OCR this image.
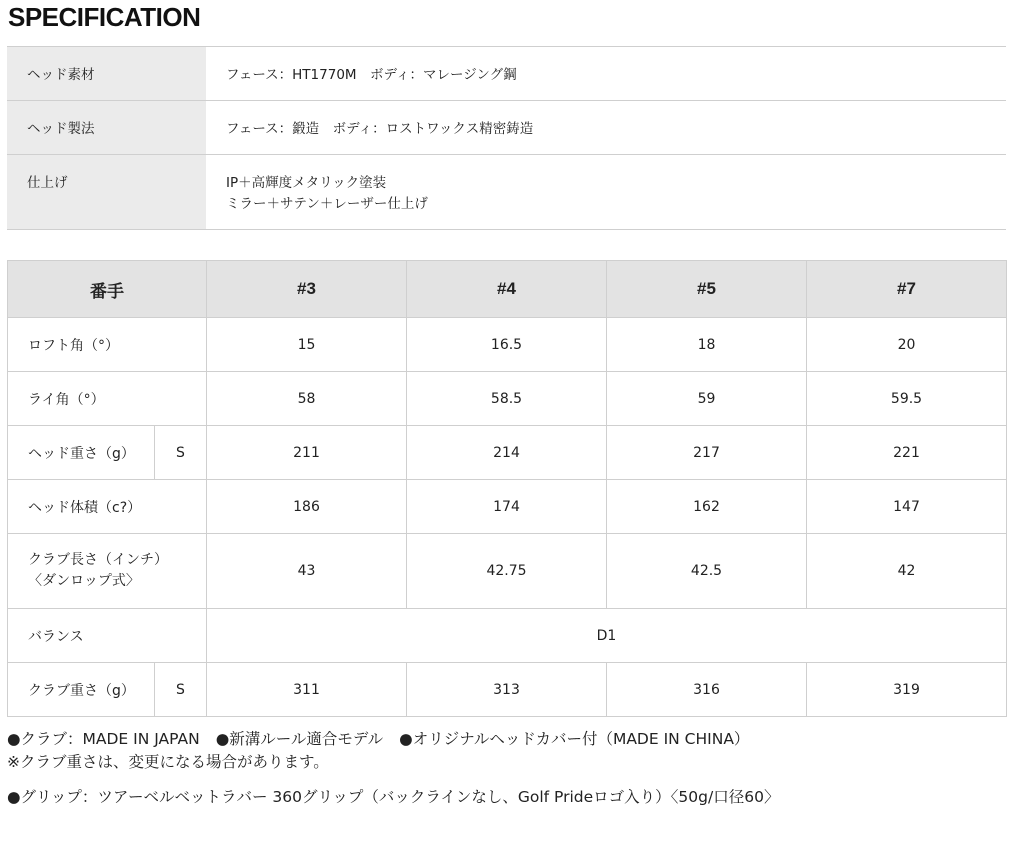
SPECIFICATION
ヘッド素材	フェース：HT1770M　ボディ：マレージング鋼

ヘッド製法	フェース：鍛造　ボディ：ロストワックス精密鋳造

仕上げ	IP＋高輝度メタリック塗装
ミラー＋サテン＋レーザー仕上げ
番手		#3	#4	#5	#7
ロフト角（°）		15	16.5	18	20
ライ角（°）		58	58.5	59	59.5
ヘッド重さ（g）	S	211	214	217	221
ヘッド体積（c?）		186	174	162	147

クラブ長さ（インチ）
〈ダンロップ式〉		43	42.75	42.5	42
バランス		D1			
クラブ重さ（g）	S	311	313	316	319
●クラブ：MADE IN JAPAN ●新溝ルール適合モデル ●オリジナルヘッドカバー付（MADE IN CHINA）
※クラブ重さは、変更になる場合があります。
●グリップ：ツアーベルベットラバー 360グリップ（バックラインなし、Golf Prideロゴ入り）〈50g/口径60〉
